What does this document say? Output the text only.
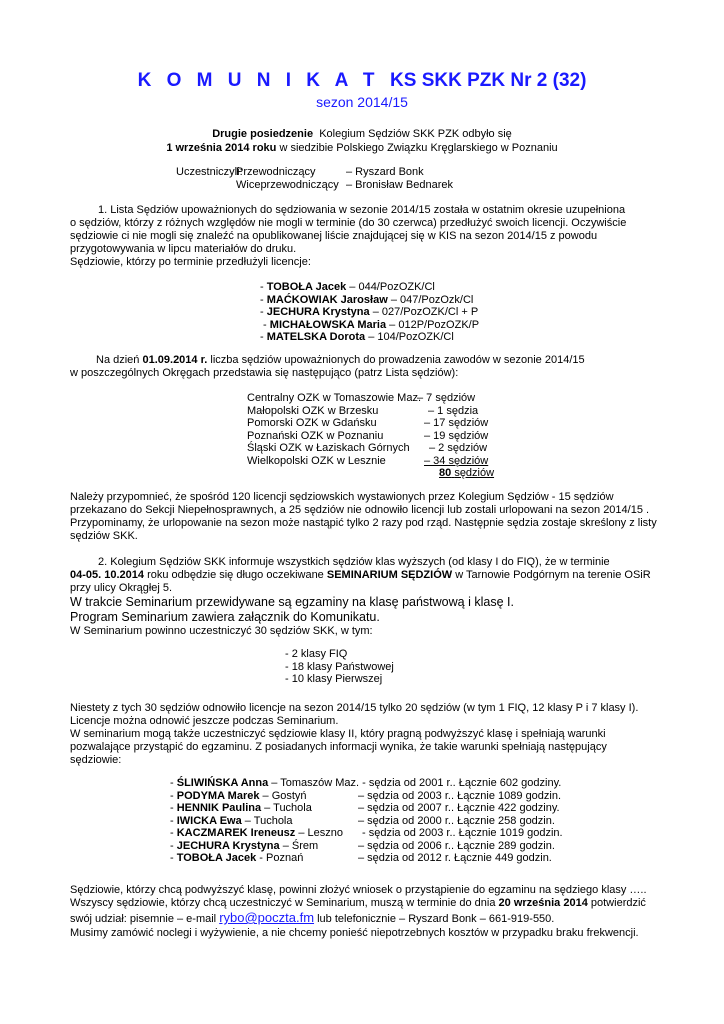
K O M U N I K A T KS SKK PZK Nr 2 (32)
sezon 2014/15
Drugie posiedzenie Kolegium Sędziów SKK PZK odbyło się
1 września 2014 roku w siedzibie Polskiego Związku Kręglarskiego w Poznaniu
Uczestniczyli:
Przewodniczący	– Ryszard Bonk
Wiceprzewodniczący – Bronisław Bednarek

1. Lista Sędziów upoważnionych do sędziowania w sezonie 2014/15 została w ostatnim okresie uzupełniona

o sędziów, którzy z różnych względów nie mogli w terminie (do 30 czerwca) przedłużyć swoich licencji. Oczywiście

sędziowie ci nie mogli się znaleźć na opublikowanej liście znajdującej się w KIS na sezon 2014/15 z powodu

przygotowywania w lipcu materiałów do druku.

Sędziowie, którzy po terminie przedłużyli licencje:

- TOBOŁA Jacek – 044/PozOZK/Cl
- MAĆKOWIAK Jarosław – 047/PozOzk/Cl
- JECHURA Krystyna – 027/PozOZK/Cl + P
- MICHAŁOWSKA Maria – 012P/PozOZK/P
- MATELSKA Dorota – 104/PozOZK/Cl

Na dzień 01.09.2014 r. liczba sędziów upoważnionych do prowadzenia zawodów w sezonie 2014/15

w poszczególnych Okręgach przedstawia się następująco (patrz Lista sędziów):

Centralny OZK w Tomaszowie Maz.– 7 sędziów
Małopolski OZK w Brzesku	– 1 sędzia
Pomorski OZK w Gdańsku	– 17 sędziów
Poznański OZK w Poznaniu	– 19 sędziów
Śląski OZK w Łaziskach Górnych – 2 sędziów
Wielkopolski OZK w Lesznie	– 34 sędziów
80 sędziów

Należy przypomnieć, że spośród 120 licencji sędziowskich wystawionych przez Kolegium Sędziów - 15 sędziów

przekazano do Sekcji Niepełnosprawnych, a 25 sędziów nie odnowiło licencji lub zostali urlopowani na sezon 2014/15 .

Przypominamy, że urlopowanie na sezon może nastąpić tylko 2 razy pod rząd. Następnie sędzia zostaje skreślony z listy

sędziów SKK.

2. Kolegium Sędziów SKK informuje wszystkich sędziów klas wyższych (od klasy I do FIQ), że w terminie

04-05. 10.2014 roku odbędzie się długo oczekiwane SEMINARIUM SĘDZIÓW w Tarnowie Podgórnym na terenie OSiR

przy ulicy Okrągłej 5.

W trakcie Seminarium przewidywane są egzaminy na klasę państwową i klasę I.

Program Seminarium zawiera załącznik do Komunikatu.

W Seminarium powinno uczestniczyć 30 sędziów SKK, w tym:

- 2 klasy FIQ
- 18 klasy Państwowej
- 10 klasy Pierwszej

Niestety z tych 30 sędziów odnowiło licencje na sezon 2014/15 tylko 20 sędziów (w tym 1 FIQ, 12 klasy P i 7 klasy I).

Licencje można odnowić jeszcze podczas Seminarium.

W seminarium mogą także uczestniczyć sędziowie klasy II, który pragną podwyższyć klasę i spełniają warunki

pozwalające przystąpić do egzaminu. Z posiadanych informacji wynika, że takie warunki spełniają następujący

sędziowie:

- ŚLIWIŃSKA Anna – Tomaszów Maz. - sędzia od 2001 r.. Łącznie 602 godziny.
- PODYMA Marek – Gostyń	– sędzia od 2003 r.. Łącznie 1089 godzin.
- HENNIK Paulina – Tuchola	– sędzia od 2007 r.. Łącznie 422 godziny.
- IWICKA Ewa – Tuchola	– sędzia od 2000 r.. Łącznie 258 godzin.
- KACZMAREK Ireneusz – Leszno - sędzia od 2003 r.. Łącznie 1019 godzin.
- JECHURA Krystyna – Śrem	– sędzia od 2006 r.. Łącznie 289 godzin.
- TOBOŁA Jacek - Poznań	– sędzia od 2012 r. Łącznie 449 godzin.

Sędziowie, którzy chcą podwyższyć klasę, powinni złożyć wniosek o przystąpienie do egzaminu na sędziego klasy …..

Wszyscy sędziowie, którzy chcą uczestniczyć w Seminarium, muszą w terminie do dnia 20 września 2014 potwierdzić

swój udział: pisemnie – e-mail rybo@poczta.fm lub telefonicznie – Ryszard Bonk – 661-919-550.

Musimy zamówić noclegi i wyżywienie, a nie chcemy ponieść niepotrzebnych kosztów w przypadku braku frekwencji.
